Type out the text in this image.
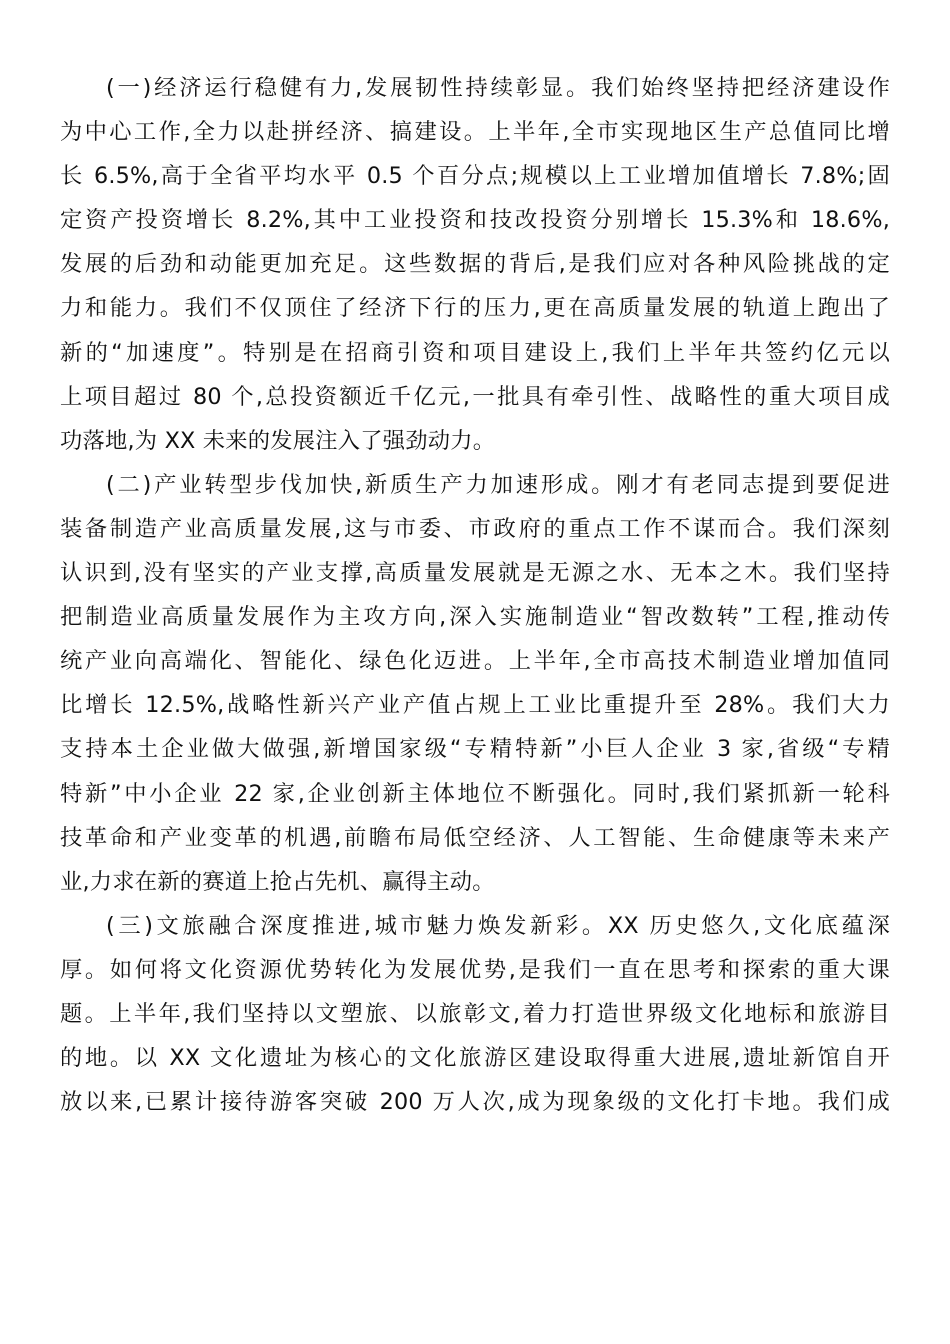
(一)经济运行稳健有力,发展韧性持续彰显。我们始终坚持把经济建设作
为中心工作,全力以赴拼经济、搞建设。上半年,全市实现地区生产总值同比增
长 6.5%,高于全省平均水平 0.5 个百分点;规模以上工业增加值增长 7.8%;固
定资产投资增长 8.2%,其中工业投资和技改投资分别增长 15.3%和 18.6%,
发展的后劲和动能更加充足。这些数据的背后,是我们应对各种风险挑战的定
力和能力。我们不仅顶住了经济下行的压力,更在高质量发展的轨道上跑出了
新的“加速度”。特别是在招商引资和项目建设上,我们上半年共签约亿元以
上项目超过 80 个,总投资额近千亿元,一批具有牵引性、战略性的重大项目成
功落地,为 XX 未来的发展注入了强劲动力。
(二)产业转型步伐加快,新质生产力加速形成。刚才有老同志提到要促进
装备制造产业高质量发展,这与市委、市政府的重点工作不谋而合。我们深刻
认识到,没有坚实的产业支撑,高质量发展就是无源之水、无本之木。我们坚持
把制造业高质量发展作为主攻方向,深入实施制造业“智改数转”工程,推动传
统产业向高端化、智能化、绿色化迈进。上半年,全市高技术制造业增加值同
比增长 12.5%,战略性新兴产业产值占规上工业比重提升至 28%。我们大力
支持本土企业做大做强,新增国家级“专精特新”小巨人企业 3 家,省级“专精
特新”中小企业 22 家,企业创新主体地位不断强化。同时,我们紧抓新一轮科
技革命和产业变革的机遇,前瞻布局低空经济、人工智能、生命健康等未来产
业,力求在新的赛道上抢占先机、赢得主动。
(三)文旅融合深度推进,城市魅力焕发新彩。XX 历史悠久,文化底蕴深
厚。如何将文化资源优势转化为发展优势,是我们一直在思考和探索的重大课
题。上半年,我们坚持以文塑旅、以旅彰文,着力打造世界级文化地标和旅游目
的地。以 XX 文化遗址为核心的文化旅游区建设取得重大进展,遗址新馆自开
放以来,已累计接待游客突破 200 万人次,成为现象级的文化打卡地。我们成
